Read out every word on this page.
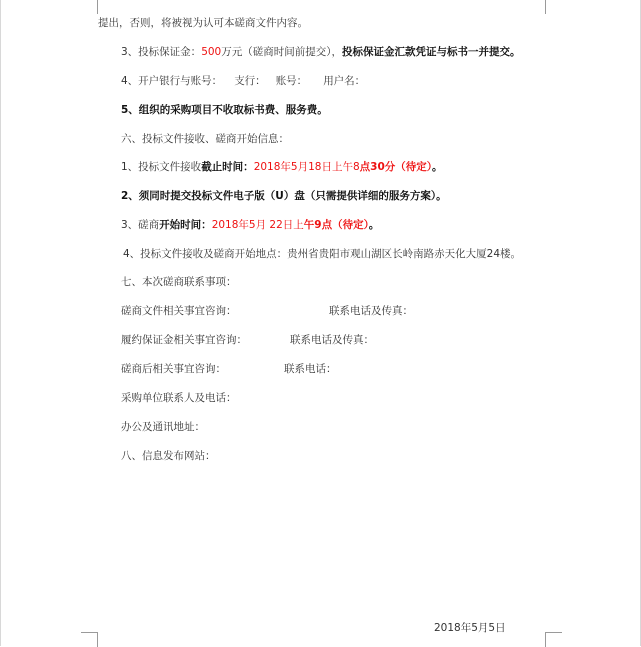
提出，否则，将被视为认可本磋商文件内容。
3、投标保证金：500万元（磋商时间前提交），投标保证金汇款凭证与标书一并提交。
4、开户银行与账号： 支行： 账号： 用户名：
5、组织的采购项目不收取标书费、服务费。
六、投标文件接收、磋商开始信息：
1、投标文件接收截止时间：2018年5月18日上午8点30分（待定）。
2、须同时提交投标文件电子版（U）盘（只需提供详细的服务方案）。
3、磋商开始时间：2018年5月 22日上午9点（待定）。
4、投标文件接收及磋商开始地点：贵州省贵阳市观山湖区长岭南路赤天化大厦24楼。
七、本次磋商联系事项：
磋商文件相关事宜咨询：	联系电话及传真：
履约保证金相关事宜咨询：	联系电话及传真：
磋商后相关事宜咨询：	联系电话：
采购单位联系人及电话：
办公及通讯地址：
八、信息发布网站：
2018年5月5日
